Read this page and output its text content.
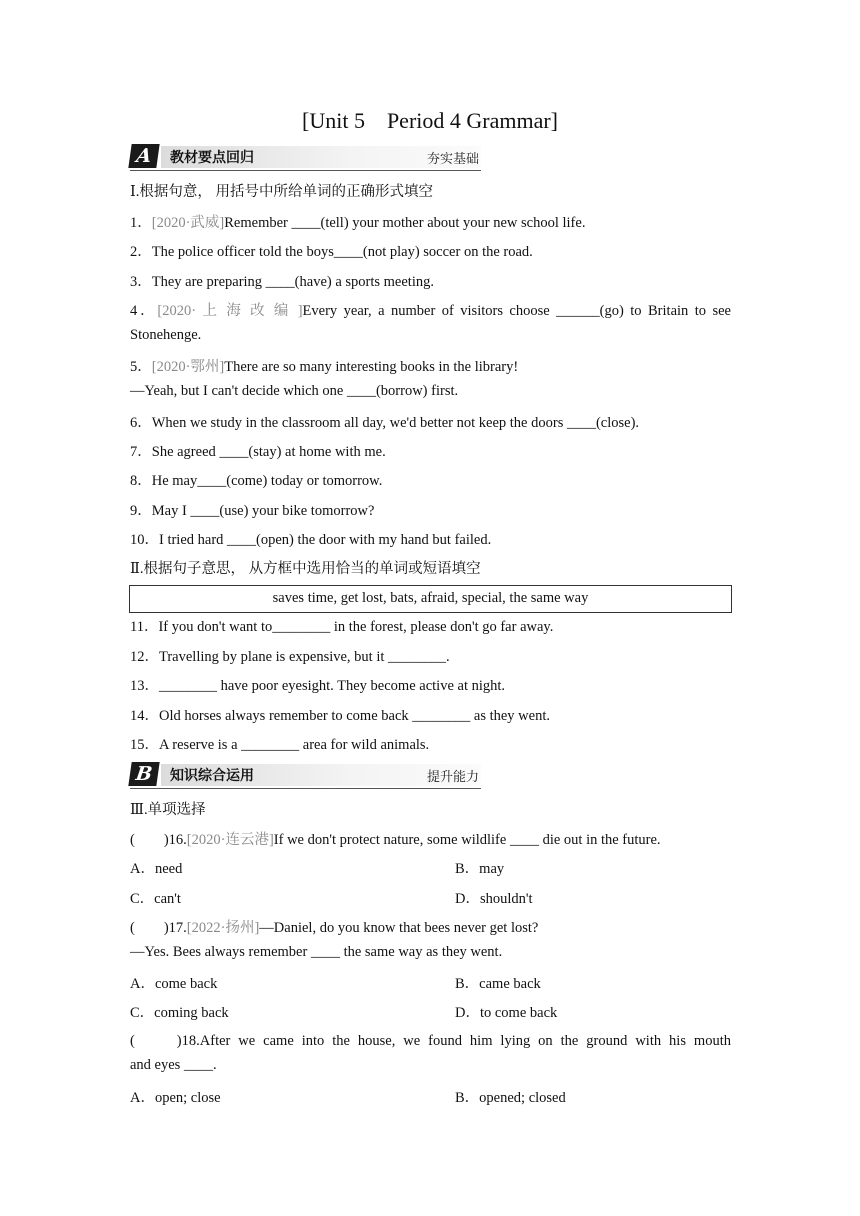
[Unit 5　Period 4 Grammar]
A	教材要点回归	夯实基础
Ⅰ.根据句意， 用括号中所给单词的正确形式填空
1．[2020·武威]Remember ____(tell) your mother about your new school life.
2．The police officer told the boys____(not play) soccer on the road.
3．They are preparing ____(have) a sports meeting.
4．[2020· 上 海 改 编 ]Every year, a number of visitors choose ______(go) to Britain to see
Stonehenge.
5．[2020·鄂州]There are so many interesting books in the library!
—Yeah, but I can't decide which one ____(borrow) first.
6．When we study in the classroom all day, we'd better not keep the doors ____(close).
7．She agreed ____(stay) at home with me.
8．He may____(come) today or tomorrow.
9．May I ____(use) your bike tomorrow?
10．I tried hard ____(open) the door with my hand but failed.
Ⅱ.根据句子意思， 从方框中选用恰当的单词或短语填空
saves time, get lost, bats, afraid, special, the same way
11．If you don't want to________ in the forest, please don't go far away.
12．Travelling by plane is expensive, but it ________.
13．________ have poor eyesight. They become active at night.
14．Old horses always remember to come back ________ as they went.
15．A reserve is a ________ area for wild animals.
B	知识综合运用	提升能力
Ⅲ.单项选择
(　　)16.[2020·连云港]If we don't protect nature, some wildlife ____ die out in the future.
A．need	B．may
C．can't	D．shouldn't
(　　)17.[2022·扬州]—Daniel, do you know that bees never get lost?
—Yes. Bees always remember ____ the same way as they went.
A．come back	B．came back
C．coming back	D．to come back
(　　)18.After we came into the house, we found him lying on the ground with his mouth
and eyes ____.
A．open; close	B．opened; closed
